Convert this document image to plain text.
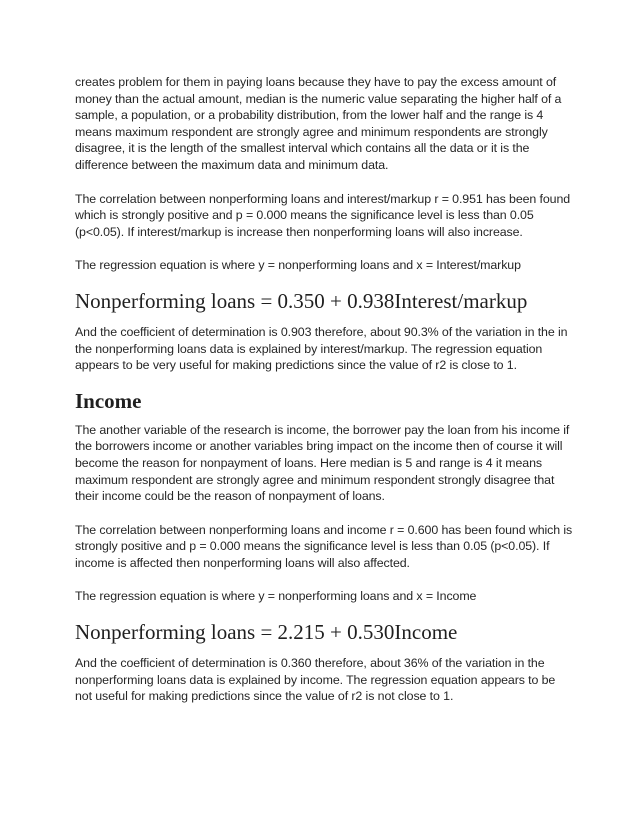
creates problem for them in paying loans because they have to pay the excess amount of money than the actual amount, median is the numeric value separating the higher half of a sample, a population, or a probability distribution, from the lower half and the range is 4 means maximum respondent are strongly agree and minimum respondents are strongly disagree, it is the length of the smallest interval which contains all the data or it is the difference between the maximum data and minimum data.

The correlation between nonperforming loans and interest/markup r = 0.951 has been found which is strongly positive and p = 0.000 means the significance level is less than 0.05 (p<0.05). If interest/markup is increase then nonperforming loans will also increase.

The regression equation is where y = nonperforming loans and x = Interest/markup

Nonperforming loans = 0.350 + 0.938Interest/markup

And the coefficient of determination is 0.903 therefore, about 90.3% of the variation in the in the nonperforming loans data is explained by interest/markup. The regression equation appears to be very useful for making predictions since the value of r2 is close to 1.

Income

The another variable of the research is income, the borrower pay the loan from his income if the borrowers income or another variables bring impact on the income then of course it will become the reason for nonpayment of loans. Here median is 5 and range is 4 it means maximum respondent are strongly agree and minimum respondent strongly disagree that their income could be the reason of nonpayment of loans.

The correlation between nonperforming loans and income r = 0.600 has been found which is strongly positive and p = 0.000 means the significance level is less than 0.05 (p<0.05). If income is affected then nonperforming loans will also affected.

The regression equation is where y = nonperforming loans and x = Income

Nonperforming loans = 2.215 + 0.530Income

And the coefficient of determination is 0.360 therefore, about 36% of the variation in the nonperforming loans data is explained by income. The regression equation appears to be not useful for making predictions since the value of r2 is not close to 1.
